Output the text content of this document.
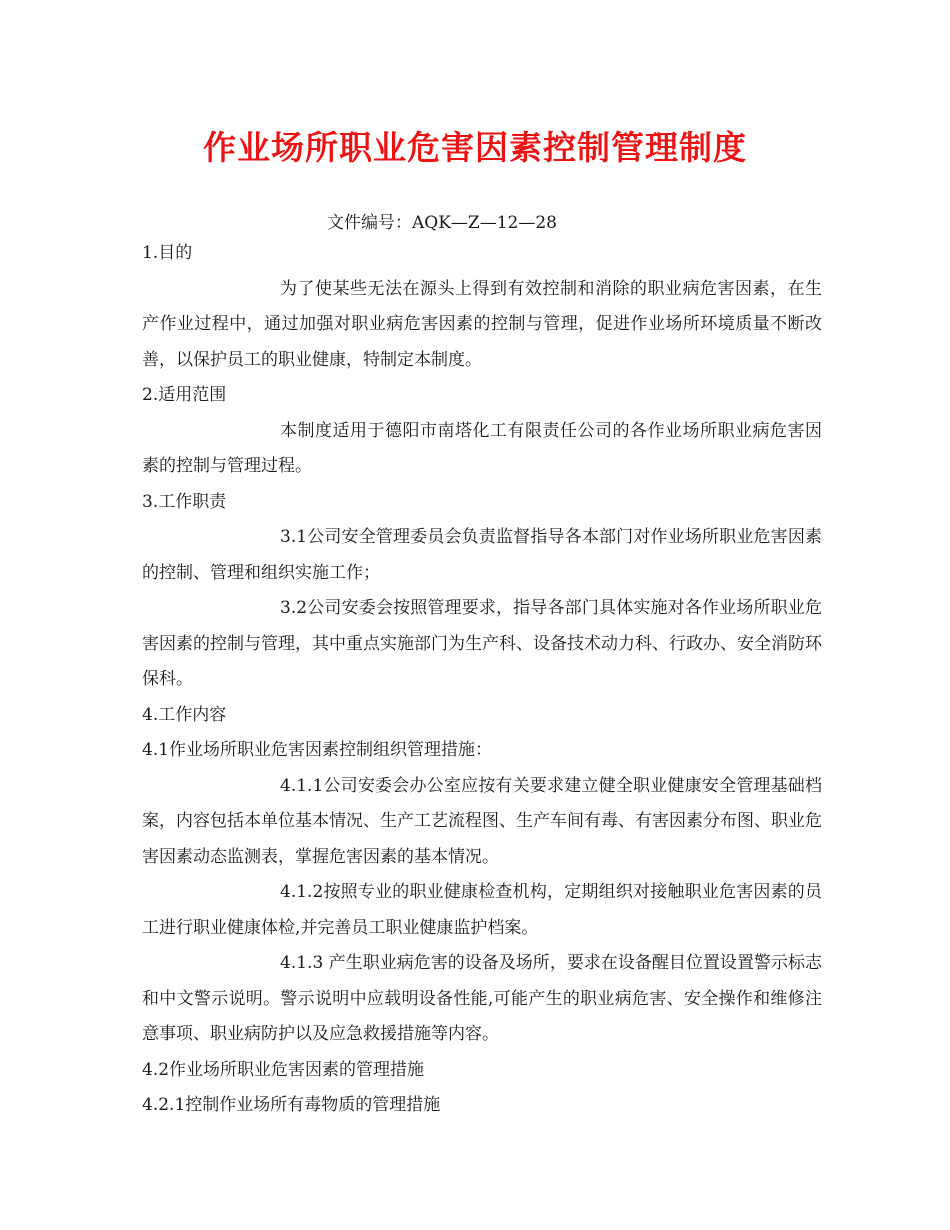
作业场所职业危害因素控制管理制度

文件编号：AQK—Z—12—28

1.目的

为了使某些无法在源头上得到有效控制和消除的职业病危害因素，在生产作业过程中，通过加强对职业病危害因素的控制与管理，促进作业场所环境质量不断改善，以保护员工的职业健康，特制定本制度。

2.适用范围

本制度适用于德阳市南塔化工有限责任公司的各作业场所职业病危害因素的控制与管理过程。

3.工作职责

3.1公司安全管理委员会负责监督指导各本部门对作业场所职业危害因素的控制、管理和组织实施工作；

3.2公司安委会按照管理要求，指导各部门具体实施对各作业场所职业危害因素的控制与管理，其中重点实施部门为生产科、设备技术动力科、行政办、安全消防环保科。

4.工作内容

4.1作业场所职业危害因素控制组织管理措施：

4.1.1公司安委会办公室应按有关要求建立健全职业健康安全管理基础档案，内容包括本单位基本情况、生产工艺流程图、生产车间有毒、有害因素分布图、职业危害因素动态监测表，掌握危害因素的基本情况。

4.1.2按照专业的职业健康检查机构，定期组织对接触职业危害因素的员工进行职业健康体检,并完善员工职业健康监护档案。

4.1.3 产生职业病危害的设备及场所，要求在设备醒目位置设置警示标志和中文警示说明。警示说明中应载明设备性能,可能产生的职业病危害、安全操作和维修注意事项、职业病防护以及应急救援措施等内容。

4.2作业场所职业危害因素的管理措施

4.2.1控制作业场所有毒物质的管理措施
